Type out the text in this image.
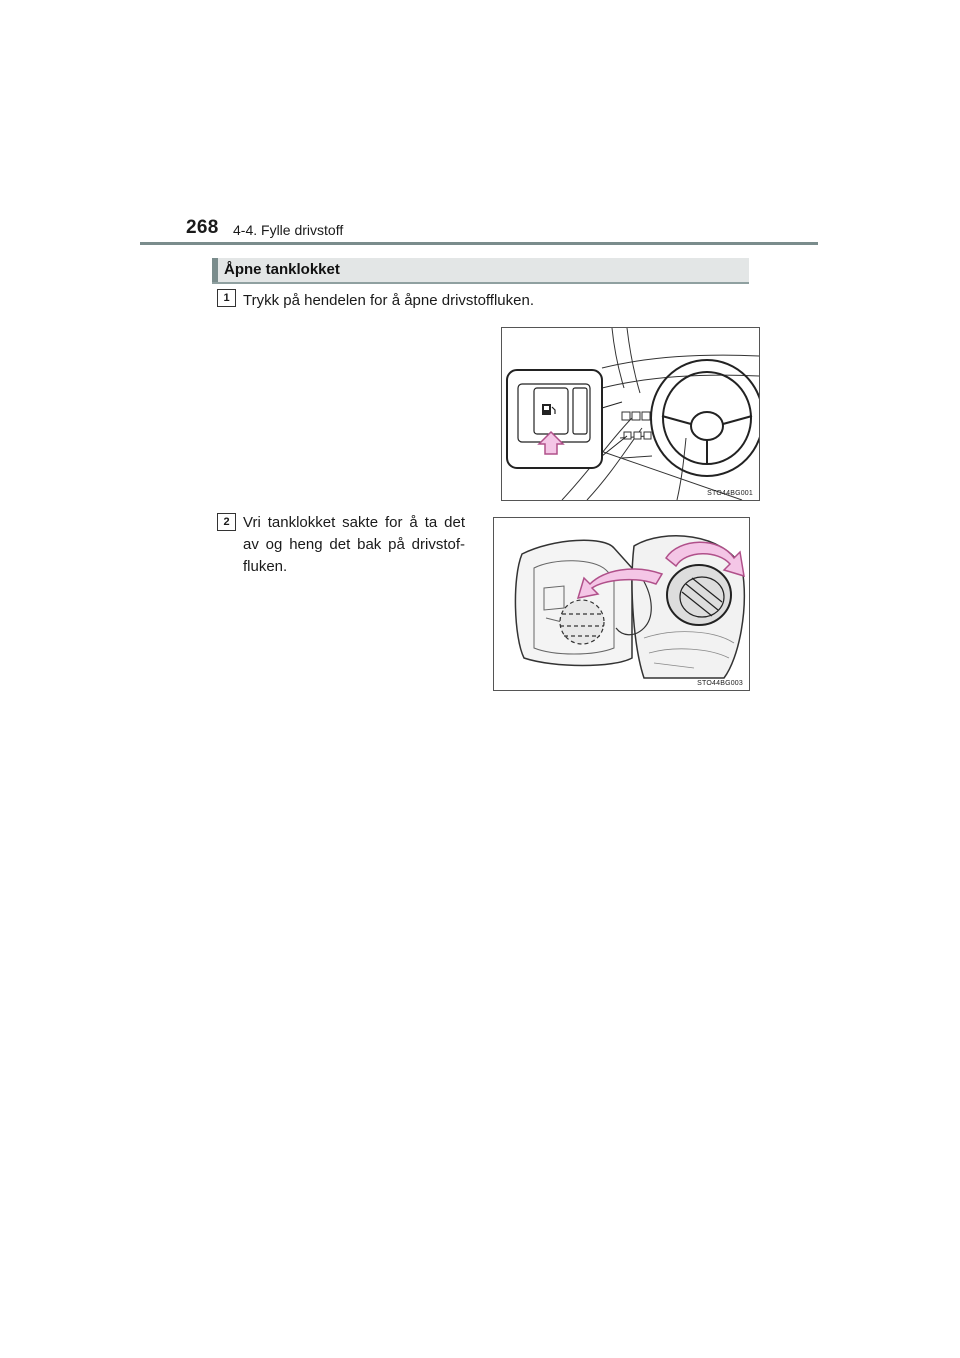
268 4-4. Fylle drivstoff
Åpne tanklokket
1 Trykk på hendelen for å åpne drivstoffluken.
STO44BG001
2 Vri tanklokket sakte for å ta det av og heng det bak på drivstof-fluken.
STO44BG003
